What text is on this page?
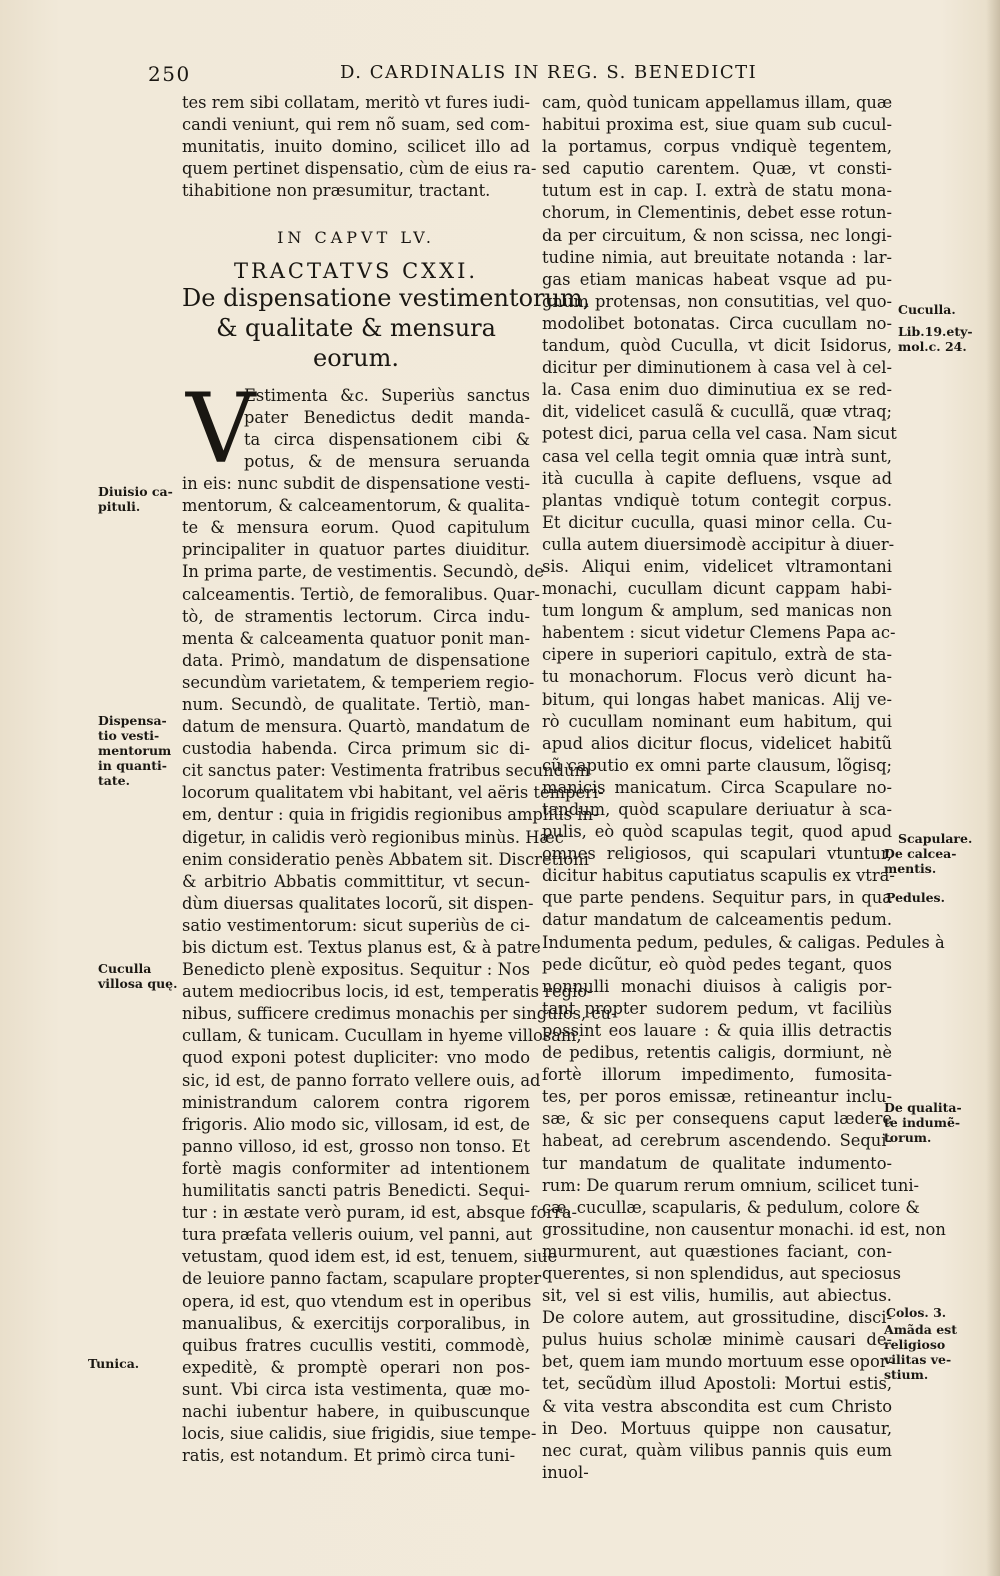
250	D. CARDINALIS IN REG. S. BENEDICTI
tes rem sibi collatam, meritò vt fures iudi-
candi veniunt, qui rem nõ suam, sed com-
munitatis, inuito domino, scilicet illo ad
quem pertinet dispensatio, cùm de eius ra-
tihabitione non præsumitur, tractant.
IN CAPVT LV.
TRACTATVS CXXI.
De dispensatione vestimentorum,
& qualitate & mensura
eorum.
V
Estimenta &c. Superiùs sanctus
pater Benedictus dedit manda-
ta circa dispensationem cibi &
potus, & de mensura seruanda
in eis: nunc subdit de dispensatione vesti-
mentorum, & calceamentorum, & qualita-
te & mensura eorum. Quod capitulum
principaliter in quatuor partes diuiditur.
In prima parte, de vestimentis. Secundò, de
calceamentis. Tertiò, de femoralibus. Quar-
tò, de stramentis lectorum. Circa indu-
menta & calceamenta quatuor ponit man-
data. Primò, mandatum de dispensatione
secundùm varietatem, & temperiem regio-
num. Secundò, de qualitate. Tertiò, man-
datum de mensura. Quartò, mandatum de
custodia habenda. Circa primum sic di-
cit sanctus pater: Vestimenta fratribus secundùm
locorum qualitatem vbi habitant, vel aëris temperi-
em, dentur : quia in frigidis regionibus ampliùs in-
digetur, in calidis verò regionibus minùs. Hæc
enim consideratio penès Abbatem sit. Discretioni
& arbitrio Abbatis committitur, vt secun-
dùm diuersas qualitates locorũ, sit dispen-
satio vestimentorum: sicut superiùs de ci-
bis dictum est. Textus planus est, & à patre
Benedicto plenè expositus. Sequitur : Nos
autem mediocribus locis, id est, temperatis regio-
nibus, sufficere credimus monachis per singulos, cu-
cullam, & tunicam. Cucullam in hyeme villosam,
quod exponi potest dupliciter: vno modo
sic, id est, de panno forrato vellere ouis, ad
ministrandum calorem contra rigorem
frigoris. Alio modo sic, villosam, id est, de
panno villoso, id est, grosso non tonso. Et
fortè magis conformiter ad intentionem
humilitatis sancti patris Benedicti. Sequi-
tur : in æstate verò puram, id est, absque forra-
tura præfata velleris ouium, vel panni, aut
vetustam, quod idem est, id est, tenuem, siue
de leuiore panno factam, scapulare propter
opera, id est, quo vtendum est in operibus
manualibus, & exercitijs corporalibus, in
quibus fratres cucullis vestiti, commodè,
expeditè, & promptè operari non pos-
sunt. Vbi circa ista vestimenta, quæ mo-
nachi iubentur habere, in quibuscunque
locis, siue calidis, siue frigidis, siue tempe-
ratis, est notandum. Et primò circa tuni-
cam, quòd tunicam appellamus illam, quæ
habitui proxima est, siue quam sub cucul-
la portamus, corpus vndiquè tegentem,
sed caputio carentem. Quæ, vt consti-
tutum est in cap. I. extrà de statu mona-
chorum, in Clementinis, debet esse rotun-
da per circuitum, & non scissa, nec longi-
tudine nimia, aut breuitate notanda : lar-
gas etiam manicas habeat vsque ad pu-
gnum protensas, non consutitias, vel quo-
modolibet botonatas. Circa cucullam no-
tandum, quòd Cuculla, vt dicit Isidorus,
dicitur per diminutionem à casa vel à cel-
la. Casa enim duo diminutiua ex se red-
dit, videlicet casulã & cucullã, quæ vtraq;
potest dici, parua cella vel casa. Nam sicut
casa vel cella tegit omnia quæ intrà sunt,
ità cuculla à capite defluens, vsque ad
plantas vndiquè totum contegit corpus.
Et dicitur cuculla, quasi minor cella. Cu-
culla autem diuersimodè accipitur à diuer-
sis. Aliqui enim, videlicet vltramontani
monachi, cucullam dicunt cappam habi-
tum longum & amplum, sed manicas non
habentem : sicut videtur Clemens Papa ac-
cipere in superiori capitulo, extrà de sta-
tu monachorum. Flocus verò dicunt ha-
bitum, qui longas habet manicas. Alij ve-
rò cucullam nominant eum habitum, qui
apud alios dicitur flocus, videlicet habitũ
cũ caputio ex omni parte clausum, lõgisq;
manicis manicatum. Circa Scapulare no-
tandum, quòd scapulare deriuatur à sca-
pulis, eò quòd scapulas tegit, quod apud
omnes religiosos, qui scapulari vtuntur,
dicitur habitus caputiatus scapulis ex vtra-
que parte pendens. Sequitur pars, in qua
datur mandatum de calceamentis pedum.
Indumenta pedum, pedules, & caligas. Pedules à
pede dicũtur, eò quòd pedes tegant, quos
nonnulli monachi diuisos à caligis por-
tant propter sudorem pedum, vt faciliùs
possint eos lauare : & quia illis detractis
de pedibus, retentis caligis, dormiunt, nè
fortè illorum impedimento, fumositа-
tes, per poros emissæ, retineantur inclu-
sæ, & sic per consequens caput lædere
habeat, ad cerebrum ascendendo. Sequi-
tur mandatum de qualitate indumento-
rum: De quarum rerum omnium, scilicet tuni-
cæ, cucullæ, scapularis, & pedulum, colore &
grossitudine, non causentur monachi. id est, non
murmurent, aut quæstiones faciant, con-
querentes, si non splendidus, aut speciosus
sit, vel si est vilis, humilis, aut abiectus.
De colore autem, aut grossitudine, disci-
pulus huius scholæ minimè causari de-
bet, quem iam mundo mortuum esse opor-
tet, secũdùm illud Apostoli: Mortui estis,
& vita vestra abscondita est cum Christo
in Deo. Mortuus quippe non causatur,
nec curat, quàm vilibus pannis quis eum
inuol-
Diuisio ca-
pituli.
Dispensa-
tio vesti-
mentorum
in quanti-
tate.
Cuculla
villosa quę.
Tunica.
Cuculla.
Lib.19.ety-
mol.c. 24.
Scapulare.
De calcea-
mentis.
Pedules.
De qualita-
te indumẽ-
torum.
Colos. 3.
Amãda est
religioso
vilitas ve-
stium.
